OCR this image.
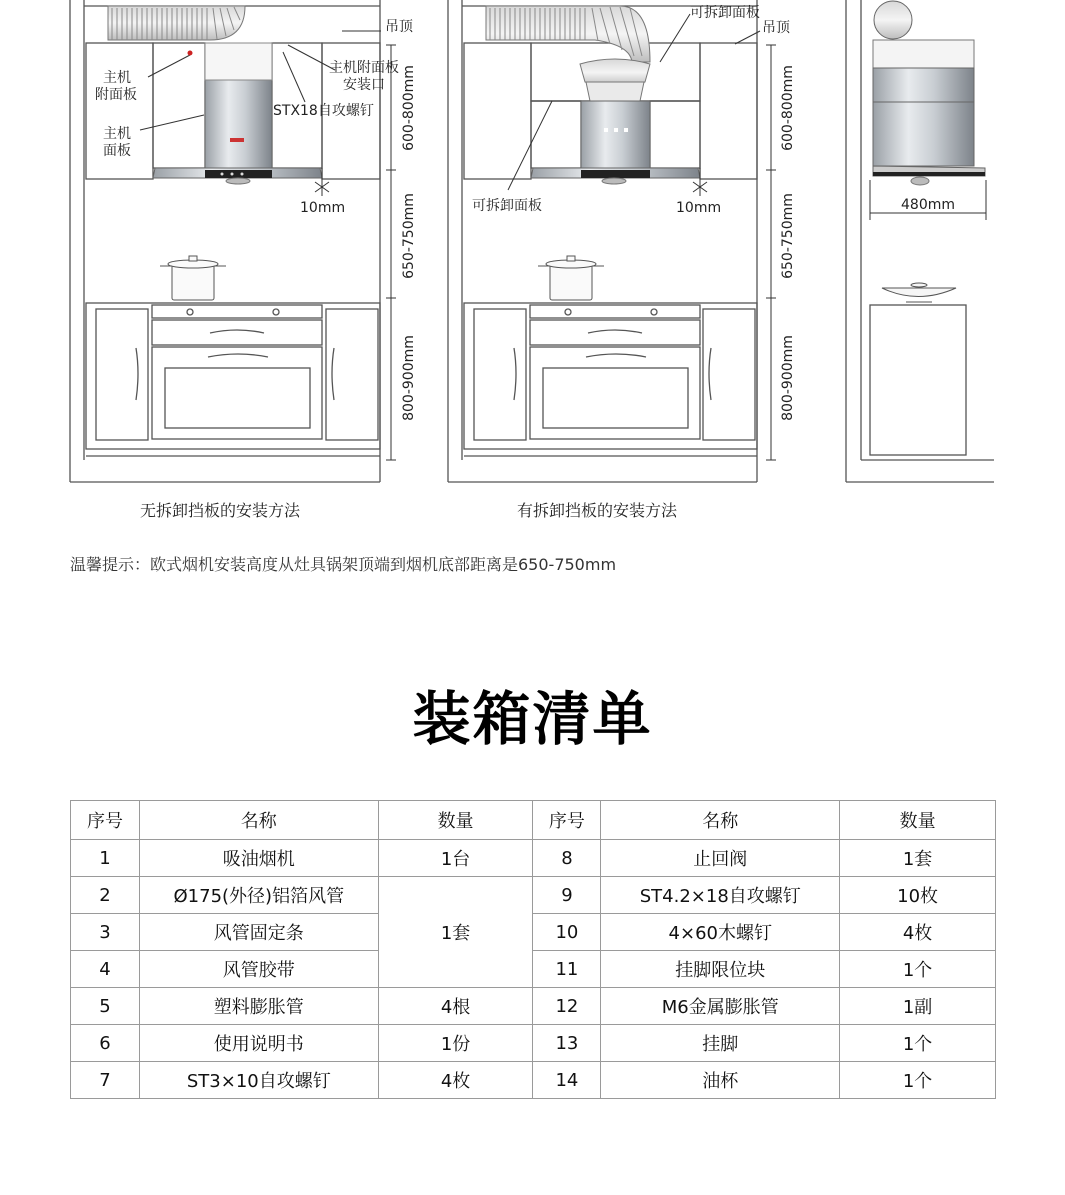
吊顶
主机
附面板
主机
面板
主机附面板
安装口
STX18自攻螺钉
10mm
600-800mm
650-750mm
800-900mm
可拆卸面板
吊顶
可拆卸面板	10mm
600-800mm
650-750mm
800-900mm
480mm
无拆卸挡板的安装方法	有拆卸挡板的安装方法
温馨提示：欧式烟机安装高度从灶具锅架顶端到烟机底部距离是650-750mm
装箱清单
序号	名称	数量	序号	名称	数量
1	吸油烟机	1台	8	止回阀	1套
2	Ø175(外径)铝箔风管	1套	9	ST4.2×18自攻螺钉	10枚
3	风管固定条		10	4×60木螺钉	4枚
4	风管胶带		11	挂脚限位块	1个
5	塑料膨胀管	4根	12	M6金属膨胀管	1副
6	使用说明书	1份	13	挂脚	1个
7	ST3×10自攻螺钉	4枚	14	油杯	1个
